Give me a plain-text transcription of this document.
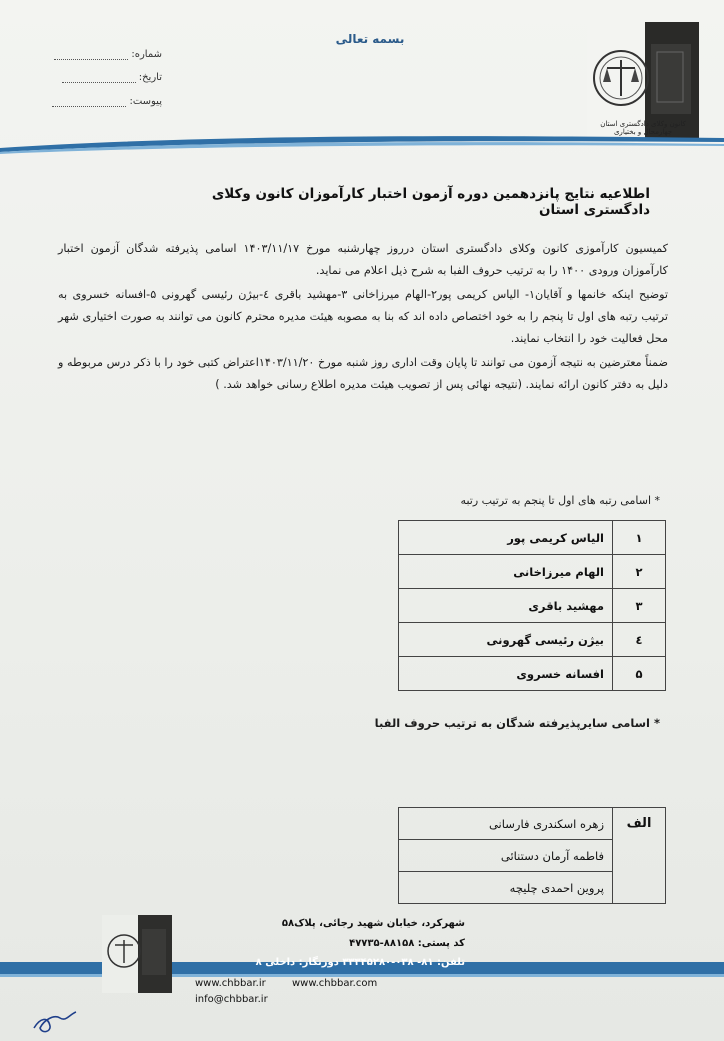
بسمه تعالی
شماره:
تاریخ:
پیوست:
کانون وکلای دادگستری استان چهارمحال و بختیاری
اطلاعیه نتایج پانزدهمین دوره آزمون اختبار کارآموزان کانون وکلای دادگستری استان

کمیسیون کارآموزی کانون وکلای دادگستری استان درروز چهارشنبه مورخ ۱۴۰۳/۱۱/۱۷ اسامی پذیرفته شدگان آزمون اختبار کارآموزان ورودی ۱۴۰۰ را به ترتیب حروف الفبا به شرح ذیل اعلام می نماید.

توضیح اینکه خانمها و آقایان۱- الیاس کریمی پور۲-الهام میرزاخانی ۳-مهشید باقری ٤-بیژن رئیسی گهرونی ۵-افسانه خسروی به ترتیب رتبه های اول تا پنجم را به خود اختصاص داده اند که بنا به مصوبه هیئت مدیره محترم کانون می توانند به صورت اختیاری شهر محل فعالیت خود را انتخاب نمایند.

ضمناً معترضین به نتیجه آزمون می توانند تا پایان وقت اداری روز شنبه مورخ ۱۴۰۳/۱۱/۲۰اعتراض کتبی خود را با ذکر درس مربوطه و دلیل به دفتر کانون ارائه نمایند. (نتیجه نهائی پس از تصویب هیئت مدیره اطلاع رسانی خواهد شد. )

* اسامی رتبه های اول تا پنجم به ترتیب رتبه
۱	الیاس کریمی پور
۲	الهام میرزاخانی
۳	مهشید باقری
٤	بیژن رئیسی گهرونی
۵	افسانه خسروی
* اسامی سایرپذیرفته شدگان به ترتیب حروف الفبا
الف	زهره اسکندری فارسانی
فاطمه آرمان دستنائی
پروین احمدی چلیچه
شهرکرد، خیابان شهید رجائی، پلاک۵۸
کد پستی: ۸۸۱۵۸-۴۷۷۳۵
تلفن: ۸۱- ۰۳۸-۳۳۳۴۵۲۸۰ دورنگار: داخلی ۸
www.chbbar.ir	www.chbbar.com
info@chbbar.ir
